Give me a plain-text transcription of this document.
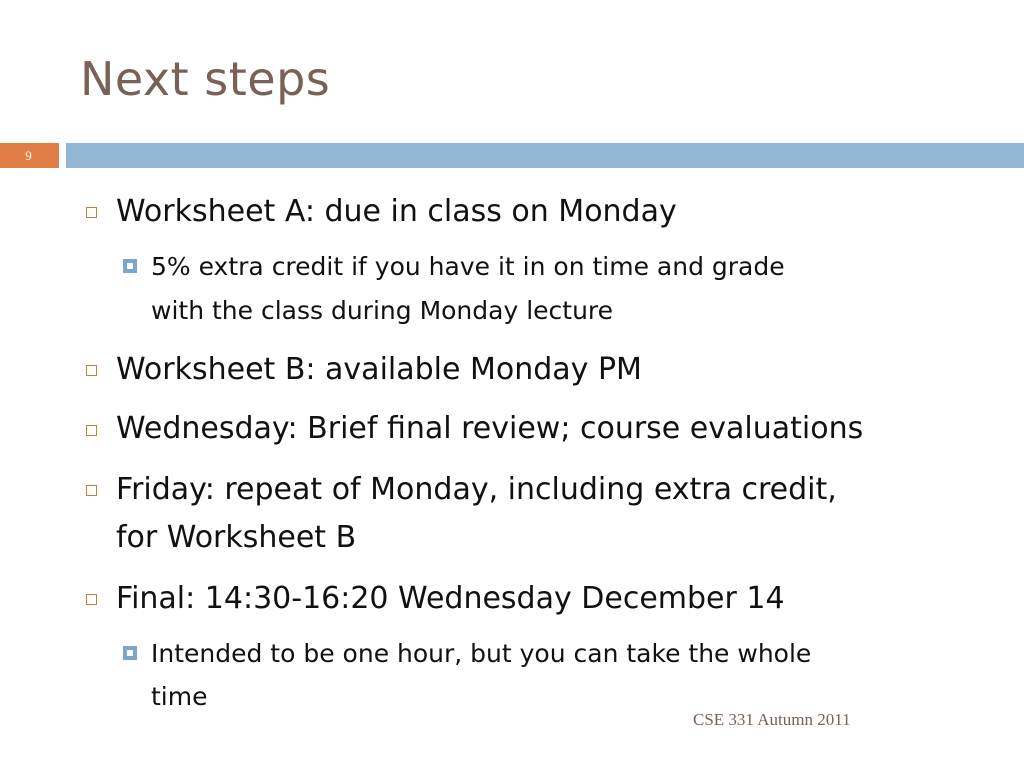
Next steps
9
Worksheet A: due in class on Monday
5% extra credit if you have it in on time and grade
with the class during Monday lecture
Worksheet B: available Monday PM
Wednesday: Brief final review; course evaluations
Friday: repeat of Monday, including extra credit,
for Worksheet B
Final: 14:30-16:20 Wednesday December 14
Intended to be one hour, but you can take the whole
time
CSE 331 Autumn 2011
